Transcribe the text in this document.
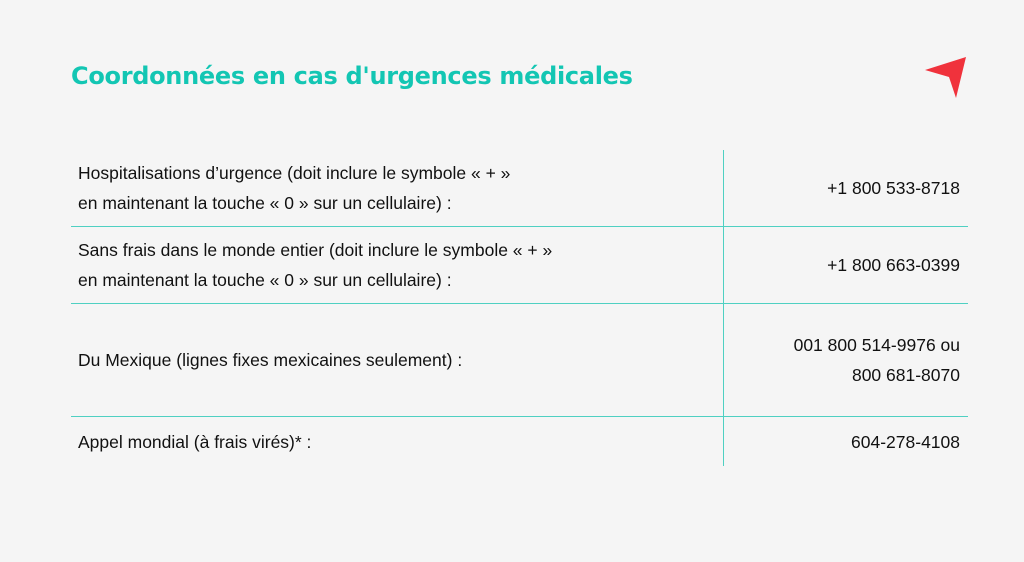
Coordonnées en cas d'urgences médicales
Hospitalisations d’urgence (doit inclure le symbole « + »
en maintenant la touche « 0 » sur un cellulaire) :
+1 800 533-8718
Sans frais dans le monde entier (doit inclure le symbole « + »
en maintenant la touche « 0 » sur un cellulaire) :
+1 800 663-0399
Du Mexique (lignes fixes mexicaines seulement) :
001 800 514-9976 ou
800 681-8070
Appel mondial (à frais virés)* :	604-278-4108
